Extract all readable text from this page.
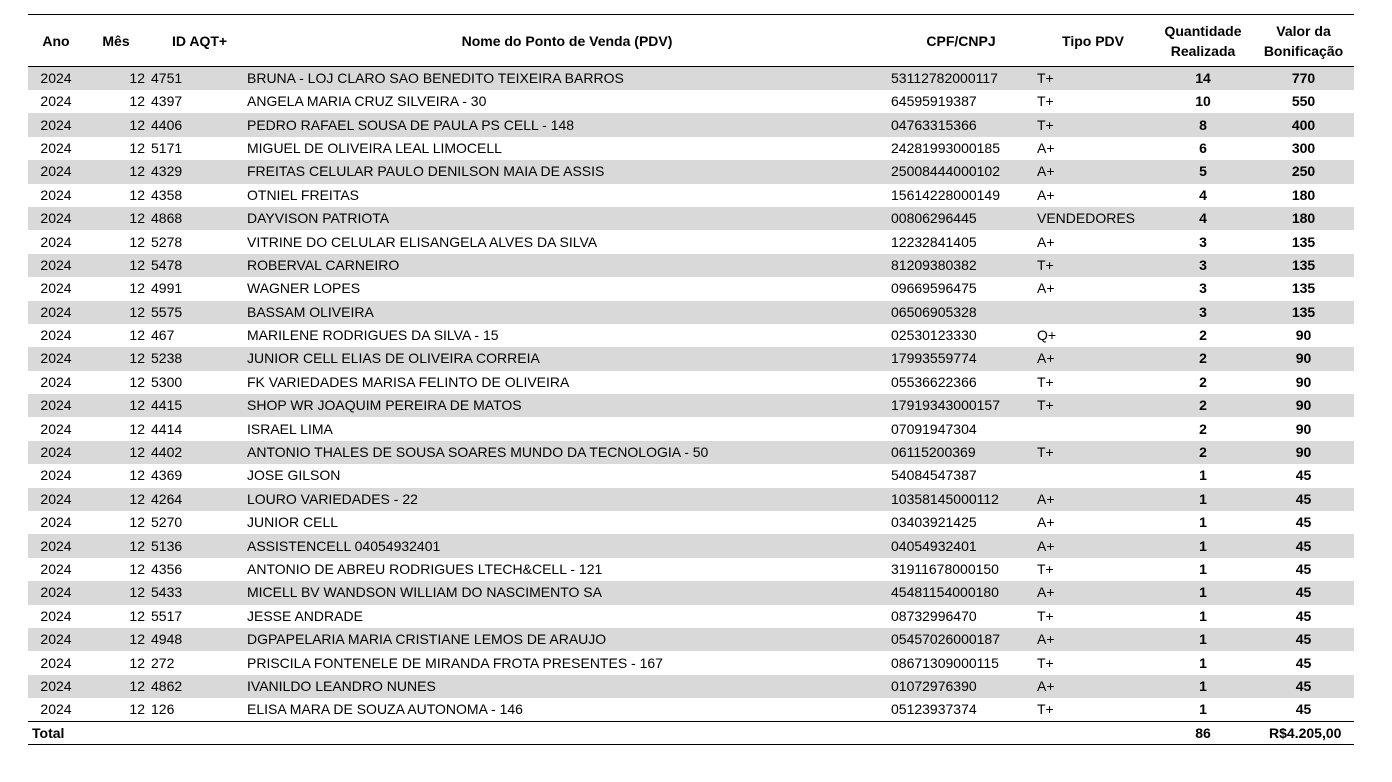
Ano	Mês	ID AQT+	Nome do Ponto de Venda (PDV)	CPF/CNPJ	Tipo PDV	Quantidade Realizada	Valor da Bonificação
2024	12	4751	BRUNA - LOJ CLARO SAO BENEDITO TEIXEIRA BARROS	53112782000117	T+	14	770
2024	12	4397	ANGELA MARIA CRUZ SILVEIRA - 30	64595919387	T+	10	550
2024	12	4406	PEDRO RAFAEL SOUSA DE PAULA PS CELL - 148	04763315366	T+	8	400
2024	12	5171	MIGUEL DE OLIVEIRA LEAL LIMOCELL	24281993000185	A+	6	300
2024	12	4329	FREITAS CELULAR PAULO DENILSON MAIA DE ASSIS	25008444000102	A+	5	250
2024	12	4358	OTNIEL FREITAS	15614228000149	A+	4	180
2024	12	4868	DAYVISON PATRIOTA	00806296445	VENDEDORES	4	180
2024	12	5278	VITRINE DO CELULAR ELISANGELA ALVES DA SILVA	12232841405	A+	3	135
2024	12	5478	ROBERVAL CARNEIRO	81209380382	T+	3	135
2024	12	4991	WAGNER LOPES	09669596475	A+	3	135
2024	12	5575	BASSAM OLIVEIRA	06506905328		3	135
2024	12	467	MARILENE RODRIGUES DA SILVA - 15	02530123330	Q+	2	90
2024	12	5238	JUNIOR CELL ELIAS DE OLIVEIRA CORREIA	17993559774	A+	2	90
2024	12	5300	FK VARIEDADES MARISA FELINTO DE OLIVEIRA	05536622366	T+	2	90
2024	12	4415	SHOP WR JOAQUIM PEREIRA DE MATOS	17919343000157	T+	2	90
2024	12	4414	ISRAEL LIMA	07091947304		2	90
2024	12	4402	ANTONIO THALES DE SOUSA SOARES MUNDO DA TECNOLOGIA - 50	06115200369	T+	2	90
2024	12	4369	JOSE GILSON	54084547387		1	45
2024	12	4264	LOURO VARIEDADES - 22	10358145000112	A+	1	45
2024	12	5270	JUNIOR CELL	03403921425	A+	1	45
2024	12	5136	ASSISTENCELL 04054932401	04054932401	A+	1	45
2024	12	4356	ANTONIO DE ABREU RODRIGUES LTECH&CELL - 121	31911678000150	T+	1	45
2024	12	5433	MICELL BV WANDSON WILLIAM DO NASCIMENTO SA	45481154000180	A+	1	45
2024	12	5517	JESSE ANDRADE	08732996470	T+	1	45
2024	12	4948	DGPAPELARIA MARIA CRISTIANE LEMOS DE ARAUJO	05457026000187	A+	1	45
2024	12	272	PRISCILA FONTENELE DE MIRANDA FROTA PRESENTES - 167	08671309000115	T+	1	45
2024	12	4862	IVANILDO LEANDRO NUNES	01072976390	A+	1	45
2024	12	126	ELISA MARA DE SOUZA AUTONOMA - 146	05123937374	T+	1	45
Total						86	R$ 4.205,00
